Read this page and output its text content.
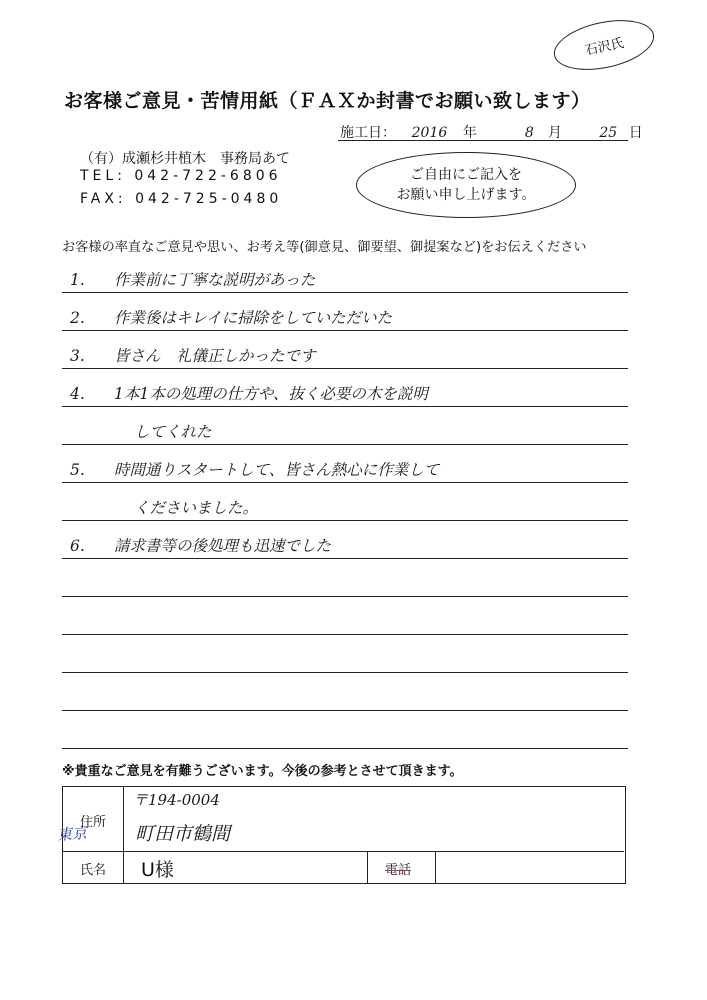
石沢氏
お客様ご意見・苦情用紙（ＦＡＸか封書でお願い致します）
施工日： 2016 年	8 月	25 日
（有）成瀬杉井植木　事務局あて
TEL: 042-722-6806
FAX: 042-725-0480
ご自由にご記入を
お願い申し上げます。
お客様の率直なご意見や思い、お考え等(御意見、御要望、御提案など)をお伝えください
1. 作業前に丁寧な説明があった
2. 作業後はキレイに掃除をしていただいた
3. 皆さん　礼儀正しかったです
4. 1本1本の処理の仕方や、抜く必要の木を説明
してくれた
5. 時間通りスタートして、皆さん熱心に作業して
くださいました。
6. 請求書等の後処理も迅速でした
※貴重なご意見を有難うございます。今後の参考とさせて頂きます。
住所
東京
〒194-0004
町田市鶴間
氏名 U様	電話
